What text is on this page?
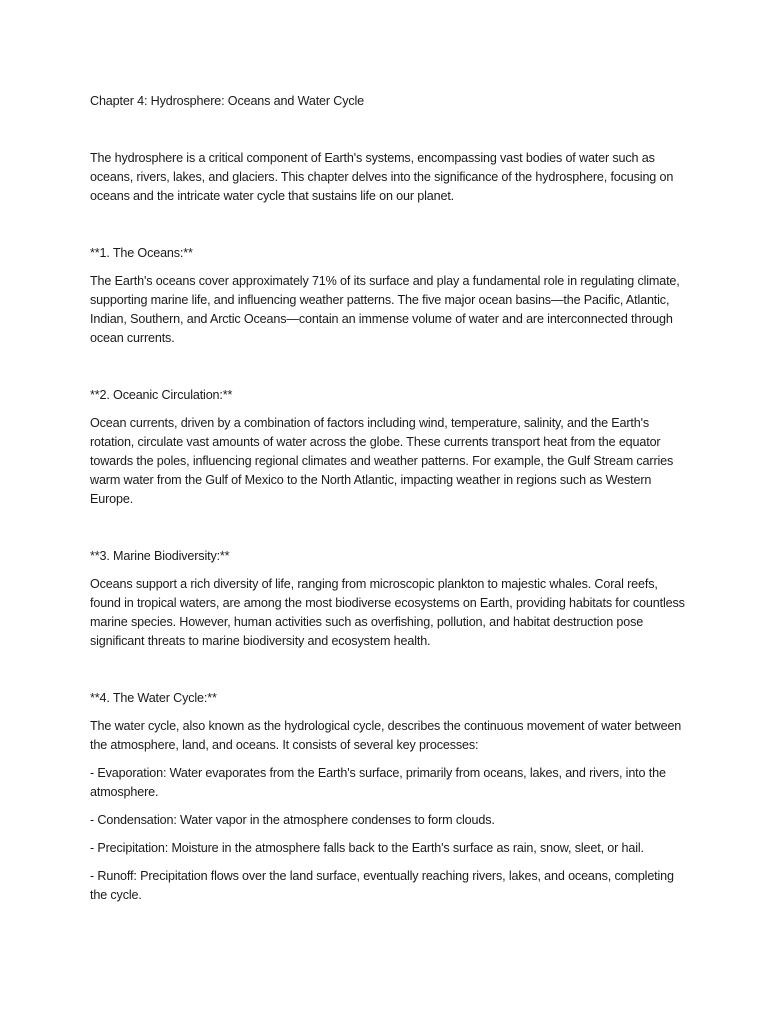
Chapter 4: Hydrosphere: Oceans and Water Cycle

The hydrosphere is a critical component of Earth's systems, encompassing vast bodies of water such as oceans, rivers, lakes, and glaciers. This chapter delves into the significance of the hydrosphere, focusing on oceans and the intricate water cycle that sustains life on our planet.

**1. The Oceans:**

The Earth's oceans cover approximately 71% of its surface and play a fundamental role in regulating climate, supporting marine life, and influencing weather patterns. The five major ocean basins—the Pacific, Atlantic, Indian, Southern, and Arctic Oceans—contain an immense volume of water and are interconnected through ocean currents.

**2. Oceanic Circulation:**

Ocean currents, driven by a combination of factors including wind, temperature, salinity, and the Earth's rotation, circulate vast amounts of water across the globe. These currents transport heat from the equator towards the poles, influencing regional climates and weather patterns. For example, the Gulf Stream carries warm water from the Gulf of Mexico to the North Atlantic, impacting weather in regions such as Western Europe.

**3. Marine Biodiversity:**

Oceans support a rich diversity of life, ranging from microscopic plankton to majestic whales. Coral reefs, found in tropical waters, are among the most biodiverse ecosystems on Earth, providing habitats for countless marine species. However, human activities such as overfishing, pollution, and habitat destruction pose significant threats to marine biodiversity and ecosystem health.

**4. The Water Cycle:**

The water cycle, also known as the hydrological cycle, describes the continuous movement of water between the atmosphere, land, and oceans. It consists of several key processes:

- Evaporation: Water evaporates from the Earth's surface, primarily from oceans, lakes, and rivers, into the atmosphere.

- Condensation: Water vapor in the atmosphere condenses to form clouds.

- Precipitation: Moisture in the atmosphere falls back to the Earth's surface as rain, snow, sleet, or hail.

- Runoff: Precipitation flows over the land surface, eventually reaching rivers, lakes, and oceans, completing the cycle.
